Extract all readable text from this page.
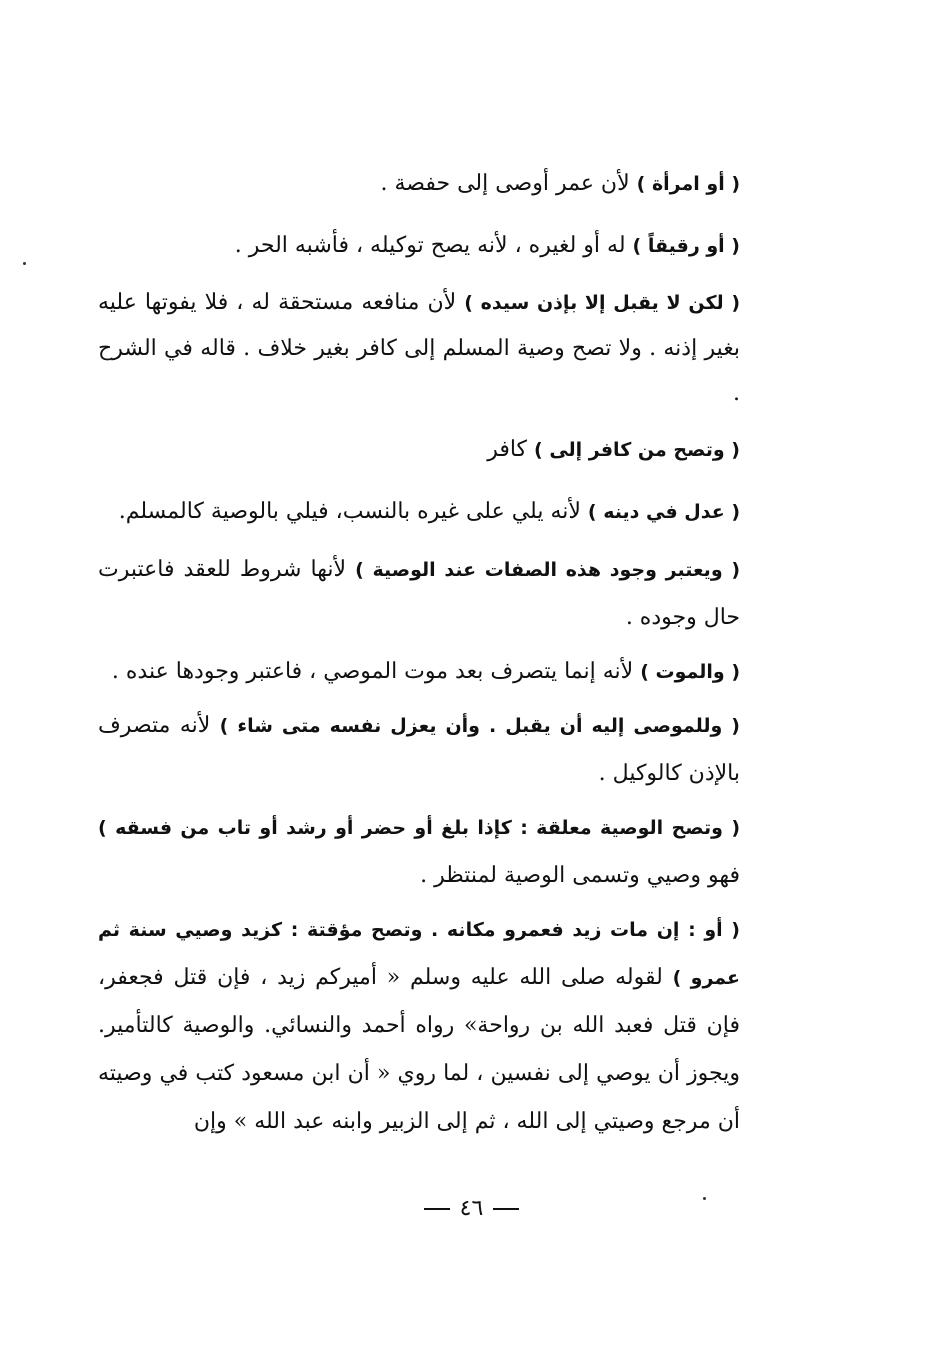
( أو امرأة ) لأن عمر أوصى إلى حفصة .

( أو رقيقاً ) له أو لغيره ، لأنه يصح توكيله ، فأشبه الحر .

( لكن لا يقبل إلا بإذن سيده ) لأن منافعه مستحقة له ، فلا يفوتها عليه بغير إذنه . ولا تصح وصية المسلم إلى كافر بغير خلاف . قاله في الشرح .

( وتصح من كافر إلى ) كافر

( عدل في دينه ) لأنه يلي على غيره بالنسب، فيلي بالوصية كالمسلم.

( ويعتبر وجود هذه الصفات عند الوصية ) لأنها شروط للعقد فاعتبرت حال وجوده .

( والموت ) لأنه إنما يتصرف بعد موت الموصي ، فاعتبر وجودها عنده .

( وللموصى إليه أن يقبل . وأن يعزل نفسه متى شاء ) لأنه متصرف بالإذن كالوكيل .

( وتصح الوصية معلقة : كإذا بلغ أو حضر أو رشد أو تاب من فسقه ) فهو وصيي وتسمى الوصية لمنتظر .

( أو : إن مات زيد فعمرو مكانه . وتصح مؤقتة : كزيد وصيي سنة ثم عمرو ) لقوله صلى الله عليه وسلم « أميركم زيد ، فإن قتل فجعفر، فإن قتل فعبد الله بن رواحة» رواه أحمد والنسائي. والوصية كالتأمير. ويجوز أن يوصي إلى نفسين ، لما روي « أن ابن مسعود كتب في وصيته أن مرجع وصيتي إلى الله ، ثم إلى الزبير وابنه عبد الله » وإن

٤٦
